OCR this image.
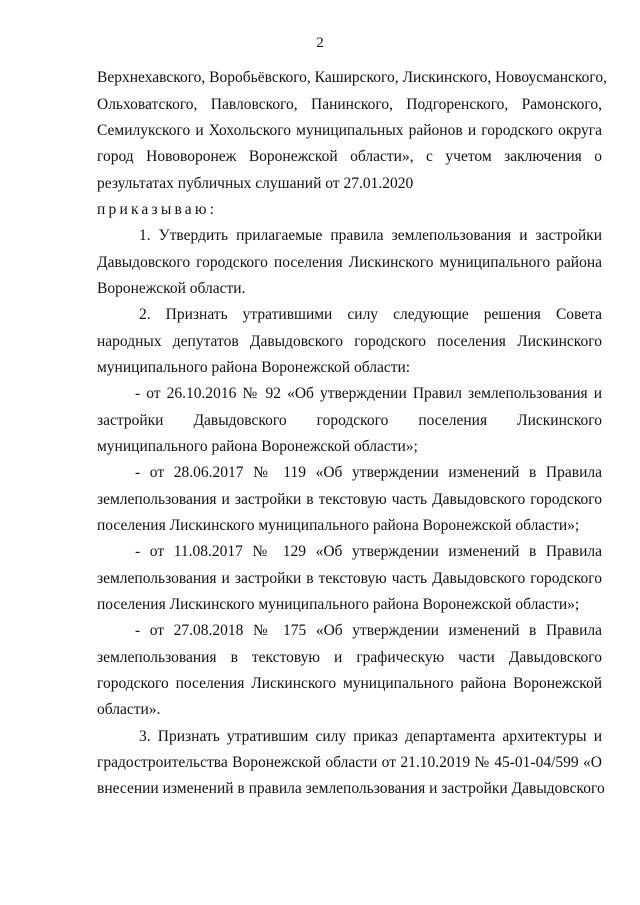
2
Верхнехавского, Воробьёвского, Каширского, Лискинского, Новоусманского,
Ольховатского, Павловского, Панинского, Подгоренского, Рамонского,
Семилукского и Хохольского муниципальных районов и городского округа
город Нововоронеж Воронежской области», с учетом заключения о
результатах публичных слушаний от 27.01.2020
приказываю:
1. Утвердить прилагаемые правила землепользования и застройки
Давыдовского городского поселения Лискинского муниципального района
Воронежской области.
2. Признать утратившими силу следующие решения Совета
народных депутатов Давыдовского городского поселения Лискинского
муниципального района Воронежской области:
- от 26.10.2016 № 92 «Об утверждении Правил землепользования и
застройки Давыдовского городского поселения Лискинского
муниципального района Воронежской области»;
- от 28.06.2017 № 119 «Об утверждении изменений в Правила
землепользования и застройки в текстовую часть Давыдовского городского
поселения Лискинского муниципального района Воронежской области»;
- от 11.08.2017 № 129 «Об утверждении изменений в Правила
землепользования и застройки в текстовую часть Давыдовского городского
поселения Лискинского муниципального района Воронежской области»;
- от 27.08.2018 № 175 «Об утверждении изменений в Правила
землепользования в текстовую и графическую части Давыдовского
городского поселения Лискинского муниципального района Воронежской
области».
3. Признать утратившим силу приказ департамента архитектуры и
градостроительства Воронежской области от 21.10.2019 № 45-01-04/599 «О
внесении изменений в правила землепользования и застройки Давыдовского
